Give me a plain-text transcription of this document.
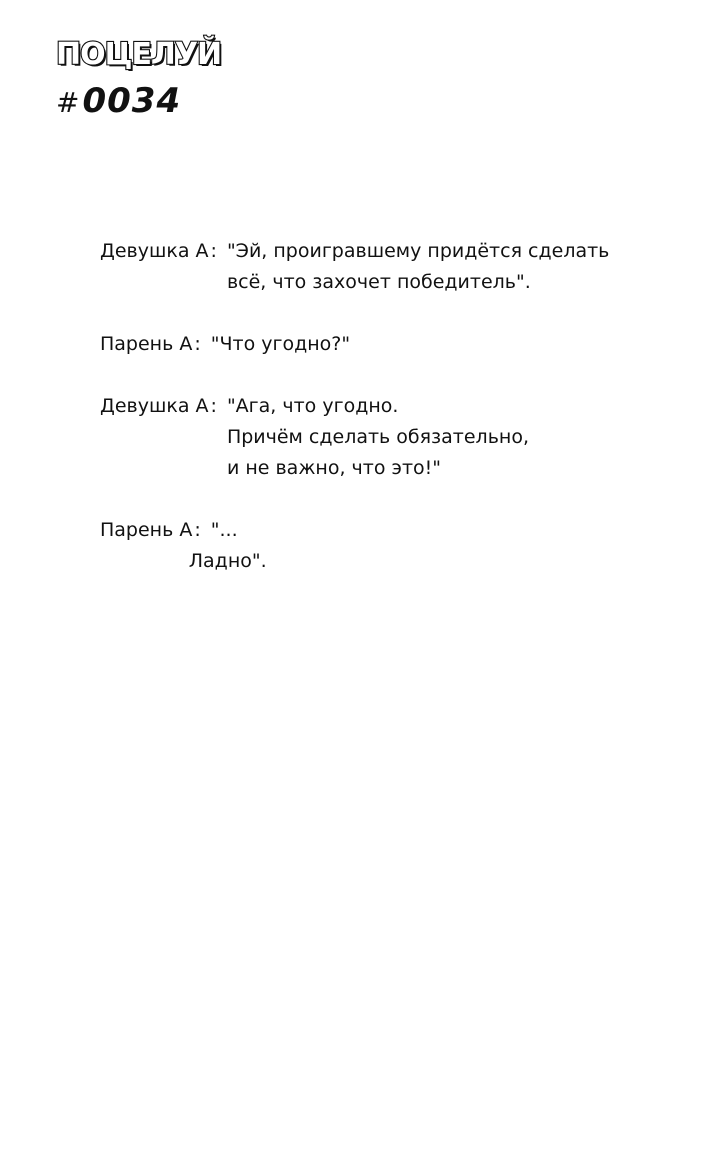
ПОЦЕЛУЙ
#0034
Девушка А : "Эй, проигравшему придётся сделать
всё, что захочет победитель".
Парень А : "Что угодно?"
Девушка А : "Ага, что угодно.
Причём сделать обязательно,
и не важно, что это!"
Парень А : "...
Ладно".
